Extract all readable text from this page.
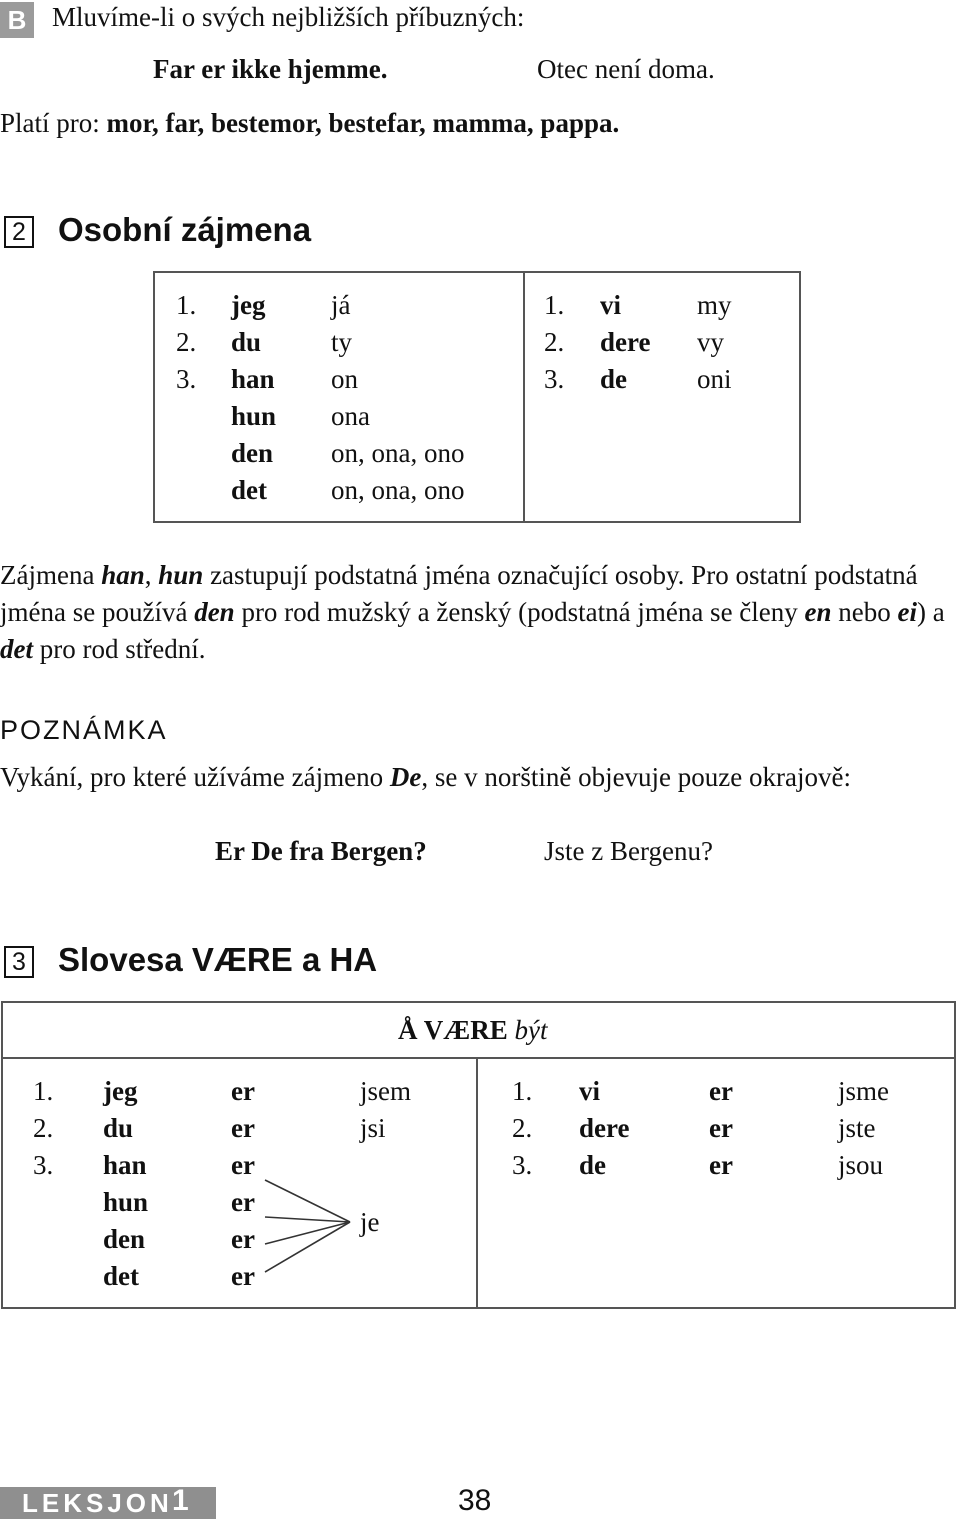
B Mluvíme-li o svých nejbližších příbuzných:
Far er ikke hjemme.	Otec není doma.
Platí pro: mor, far, bestemor, bestefar, mamma, pappa.
2 Osobní zájmena
1. jeg já
2. du	ty
3. han on
hun ona
den on, ona, ono
det on, ona, ono
1. vi	my
2. dere vy
3. de	oni
Zájmena han, hun zastupují podstatná jména označující osoby. Pro ostatní podstatná jména se používá den pro rod mužský a ženský (podstatná jména se členy en nebo ei) a det pro rod střední.
POZNÁMKA
Vykání, pro které užíváme zájmeno De, se v norštině objevuje pouze okrajově:
Er De fra Bergen?	Jste z Bergenu?
3 Slovesa VÆRE a HA
Å VÆRE být
1. jeg	er	jsem
2. du	er	jsi
3. han	er
hun	er
den	er
det	er
je
1. vi	er	jsme
2. dere	er	jste
3. de	er	jsou
LEKSJON 1	38
